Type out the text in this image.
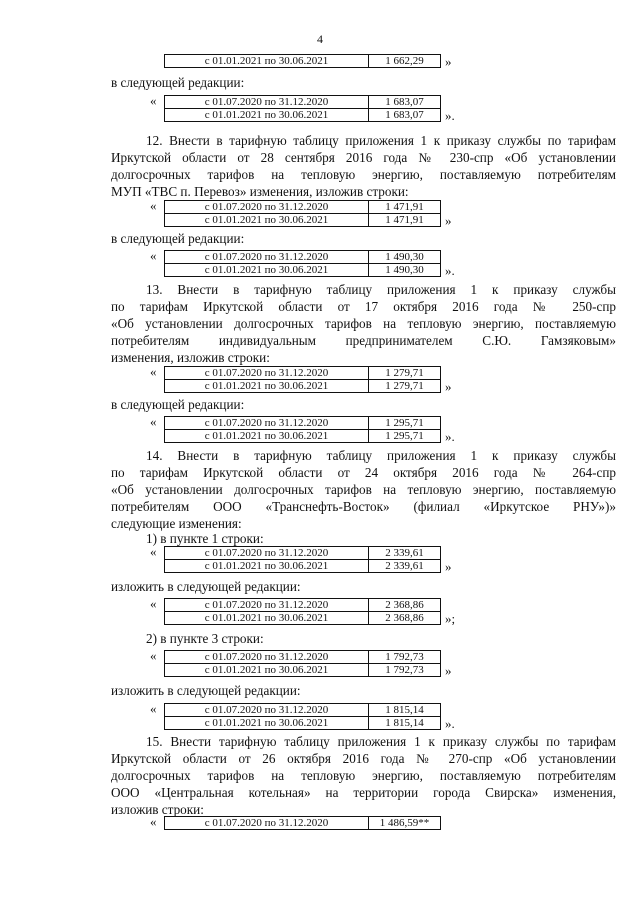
4
с 01.01.2021 по 30.06.2021	1 662,29	»
в следующей редакции:
с 01.07.2020 по 31.12.2020	1 683,07
с 01.01.2021 по 30.06.2021	1 683,07
«
».
12. Внести в тарифную таблицу приложения 1 к приказу службы по тарифам
Иркутской области от 28 сентября 2016 года № 230-спр «Об установлении
долгосрочных тарифов на тепловую энергию, поставляемую потребителям
МУП «ТВС п. Перевоз» изменения, изложив строки:
с 01.07.2020 по 31.12.2020	1 471,91
с 01.01.2021 по 30.06.2021	1 471,91
«
»
в следующей редакции:
с 01.07.2020 по 31.12.2020	1 490,30
с 01.01.2021 по 30.06.2021	1 490,30
«
».
13. Внести в тарифную таблицу приложения 1 к приказу службы
по тарифам Иркутской области от 17 октября 2016 года № 250-спр
«Об установлении долгосрочных тарифов на тепловую энергию, поставляемую
потребителям индивидуальным предпринимателем С.Ю. Гамзяковым»
изменения, изложив строки:
с 01.07.2020 по 31.12.2020	1 279,71
с 01.01.2021 по 30.06.2021	1 279,71
«
»
в следующей редакции:
с 01.07.2020 по 31.12.2020	1 295,71
с 01.01.2021 по 30.06.2021	1 295,71
«
».
14. Внести в тарифную таблицу приложения 1 к приказу службы
по тарифам Иркутской области от 24 октября 2016 года № 264-спр
«Об установлении долгосрочных тарифов на тепловую энергию, поставляемую
потребителям ООО «Транснефть-Восток» (филиал «Иркутское РНУ»)»
следующие изменения:
1) в пункте 1 строки:
с 01.07.2020 по 31.12.2020	2 339,61
с 01.01.2021 по 30.06.2021	2 339,61
«
»
изложить в следующей редакции:
с 01.07.2020 по 31.12.2020	2 368,86
с 01.01.2021 по 30.06.2021	2 368,86
«
»;
2) в пункте 3 строки:
с 01.07.2020 по 31.12.2020	1 792,73
с 01.01.2021 по 30.06.2021	1 792,73
«
»
изложить в следующей редакции:
с 01.07.2020 по 31.12.2020	1 815,14
с 01.01.2021 по 30.06.2021	1 815,14
«
».
15. Внести тарифную таблицу приложения 1 к приказу службы по тарифам
Иркутской области от 26 октября 2016 года № 270-спр «Об установлении
долгосрочных тарифов на тепловую энергию, поставляемую потребителям
ООО «Центральная котельная» на территории города Свирска» изменения,
изложив строки:
с 01.07.2020 по 31.12.2020	1 486,59**
«
